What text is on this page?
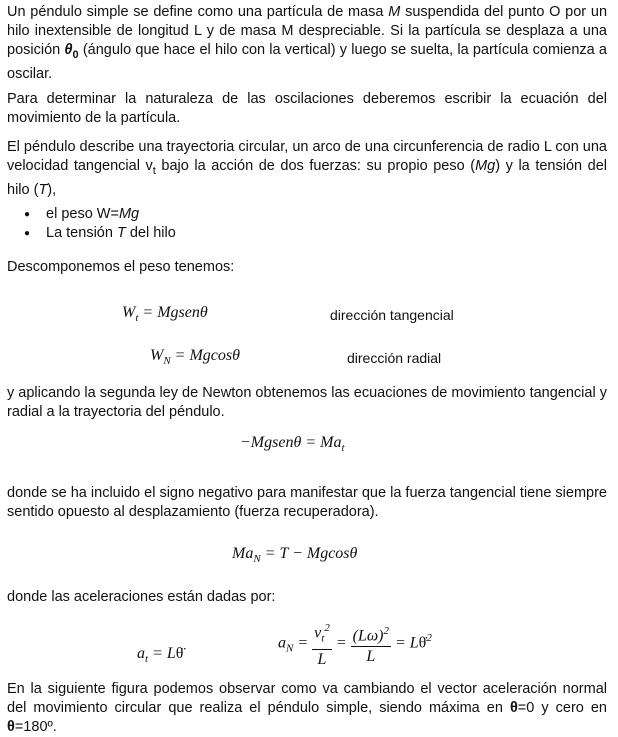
Un péndulo simple se define como una partícula de masa M suspendida del punto O por un hilo inextensible de longitud L y de masa M despreciable. Si la partícula se desplaza a una posición $\theta_0$ (ángulo que hace el hilo con la vertical) y luego se suelta, la partícula comienza a oscilar.

Para determinar la naturaleza de las oscilaciones deberemos escribir la ecuación del movimiento de la partícula.

El péndulo describe una trayectoria circular, un arco de una circunferencia de radio L con una velocidad tangencial $v_t$ bajo la acción de dos fuerzas: su propio peso (Mg) y la tensión del hilo (T),

● el peso W=Mg
● La tensión T del hilo

Descomponemos el peso tenemos:

$W_t$ = Mgsenθ	dirección tangencial
$W_N = Mgcos\theta$	dirección radial

y aplicando la segunda ley de Newton obtenemos las ecuaciones de movimiento tangencial y radial a la trayectoria del péndulo.

−Mgsenθ = $Ma_t$

donde se ha incluido el signo negativo para manifestar que la fuerza tangencial tiene siempre sentido opuesto al desplazamiento (fuerza recuperadora).

$Ma_N = T - Mgcos\theta$

donde las aceleraciones están dadas por:

$a_t$ = Lθ̈
$a_N = \frac{v_t^2}{L} = \frac{(L\omega)^2}{L}$ = Lθ̇$^2$

En la siguiente figura podemos observar como va cambiando el vector aceleración normal del movimiento circular que realiza el péndulo simple, siendo máxima en θ=0 y cero en θ=180º.
